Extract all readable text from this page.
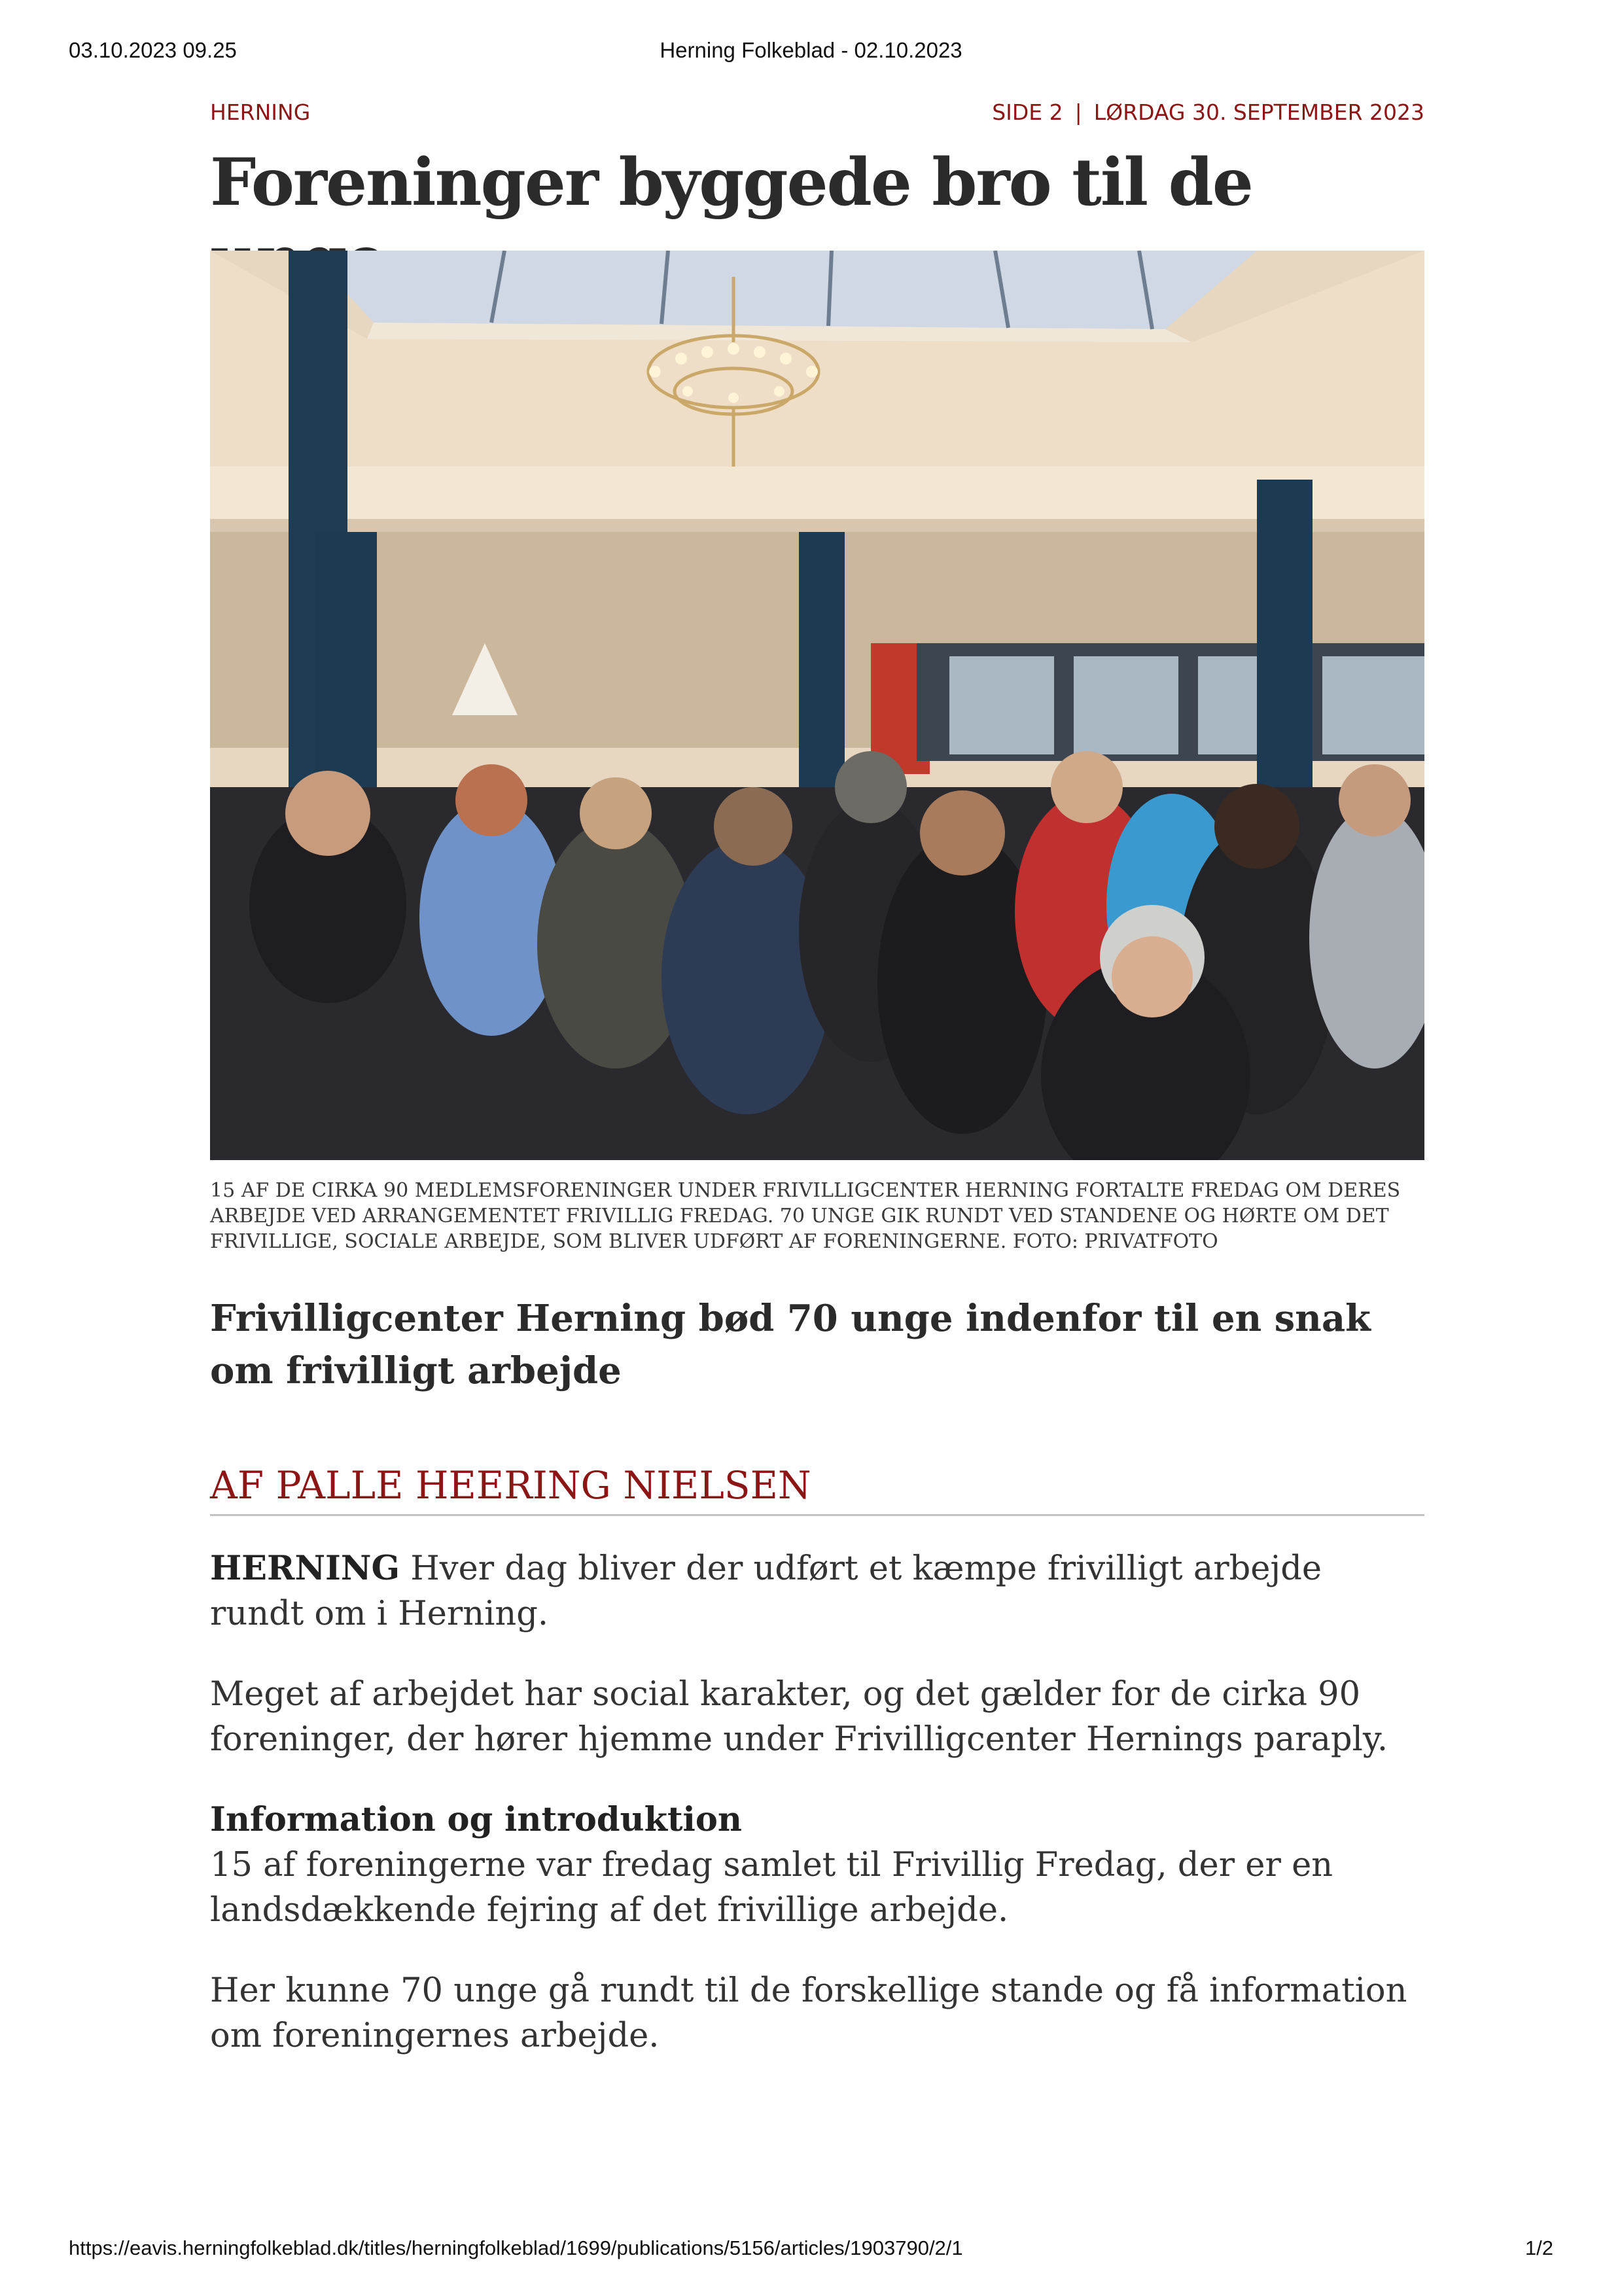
03.10.2023 09.25	Herning Folkeblad - 02.10.2023
HERNING	SIDE 2 | LØRDAG 30. SEPTEMBER 2023
Foreninger byggede bro til de
15 AF DE CIRKA 90 MEDLEMSFORENINGER UNDER FRIVILLIGCENTER HERNING FORTALTE FREDAG OM DERES ARBEJDE VED ARRANGEMENTET FRIVILLIG FREDAG. 70 UNGE GIK RUNDT VED STANDENE OG HØRTE OM DET FRIVILLIGE, SOCIALE ARBEJDE, SOM BLIVER UDFØRT AF FORENINGERNE. FOTO: PRIVATFOTO
Frivilligcenter Herning bød 70 unge indenfor til en snak om frivilligt arbejde
AF PALLE HEERING NIELSEN

HERNING Hver dag bliver der udført et kæmpe frivilligt arbejde rundt om i Herning.

Meget af arbejdet har social karakter, og det gælder for de cirka 90 foreninger, der hører hjemme under Frivilligcenter Hernings paraply.

Information og introduktion
15 af foreningerne var fredag samlet til Frivillig Fredag, der er en landsdækkende fejring af det frivillige arbejde.

Her kunne 70 unge gå rundt til de forskellige stande og få information om foreningernes arbejde.

https://eavis.herningfolkeblad.dk/titles/herningfolkeblad/1699/publications/5156/articles/1903790/2/1	1/2
